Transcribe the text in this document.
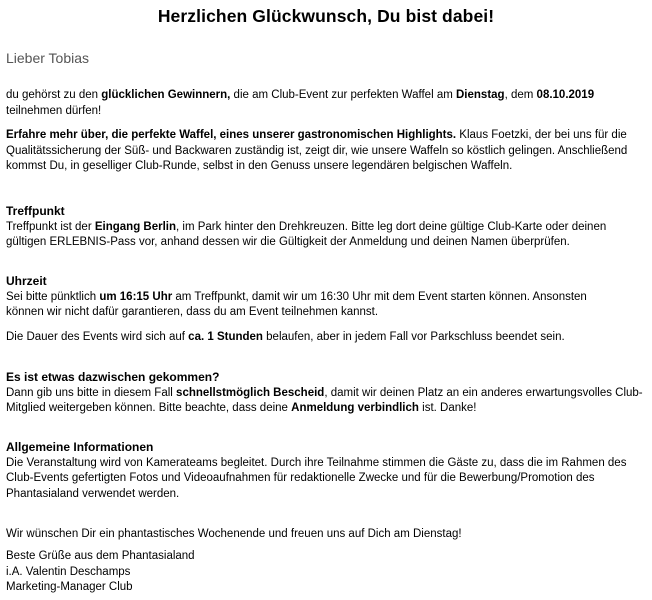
Herzlichen Glückwunsch, Du bist dabei!
Lieber Tobias
du gehörst zu den glücklichen Gewinnern, die am Club-Event zur perfekten Waffel am Dienstag, dem 08.10.2019
teilnehmen dürfen!
Erfahre mehr über, die perfekte Waffel, eines unserer gastronomischen Highlights. Klaus Foetzki, der bei uns für die
Qualitätssicherung der Süß- und Backwaren zuständig ist, zeigt dir, wie unsere Waffeln so köstlich gelingen. Anschließend
kommst Du, in geselliger Club-Runde, selbst in den Genuss unsere legendären belgischen Waffeln.
Treffpunkt
Treffpunkt ist der Eingang Berlin, im Park hinter den Drehkreuzen. Bitte leg dort deine gültige Club-Karte oder deinen
gültigen ERLEBNIS-Pass vor, anhand dessen wir die Gültigkeit der Anmeldung und deinen Namen überprüfen.
Uhrzeit
Sei bitte pünktlich um 16:15 Uhr am Treffpunkt, damit wir um 16:30 Uhr mit dem Event starten können. Ansonsten
können wir nicht dafür garantieren, dass du am Event teilnehmen kannst.
Die Dauer des Events wird sich auf ca. 1 Stunden belaufen, aber in jedem Fall vor Parkschluss beendet sein.
Es ist etwas dazwischen gekommen?
Dann gib uns bitte in diesem Fall schnellstmöglich Bescheid, damit wir deinen Platz an ein anderes erwartungsvolles Club-
Mitglied weitergeben können. Bitte beachte, dass deine Anmeldung verbindlich ist. Danke!
Allgemeine Informationen
Die Veranstaltung wird von Kamerateams begleitet. Durch ihre Teilnahme stimmen die Gäste zu, dass die im Rahmen des
Club-Events gefertigten Fotos und Videoaufnahmen für redaktionelle Zwecke und für die Bewerbung/Promotion des
Phantasialand verwendet werden.
Wir wünschen Dir ein phantastisches Wochenende und freuen uns auf Dich am Dienstag!
Beste Grüße aus dem Phantasialand
i.A. Valentin Deschamps
Marketing-Manager Club
